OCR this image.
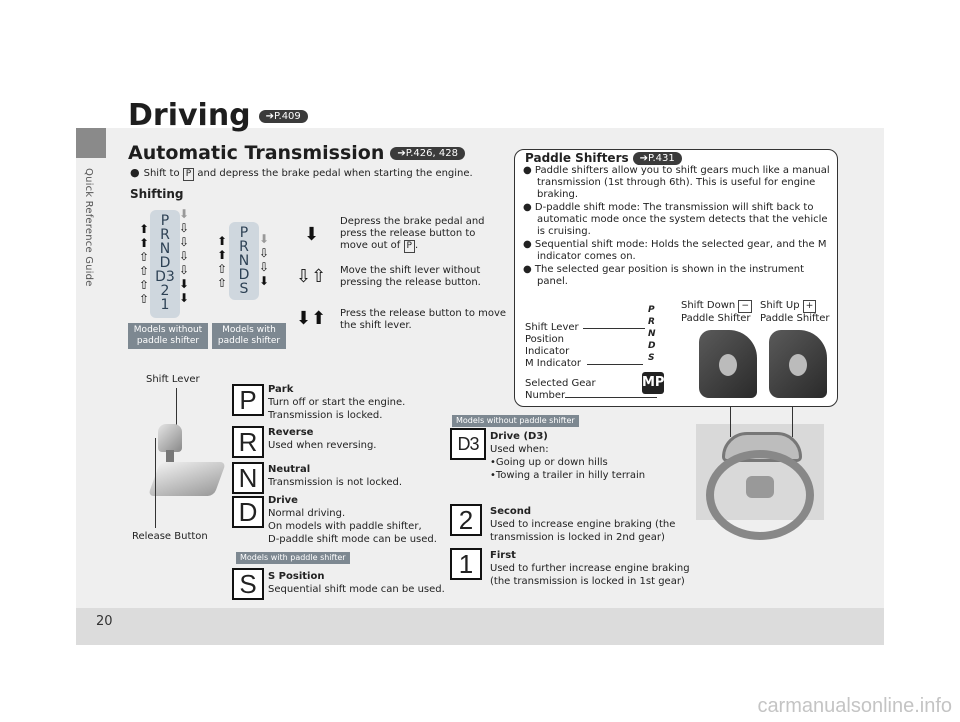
Quick Reference Guide
20
carmanualsonline.info
Driving ➔P.409
Automatic Transmission ➔P.426, 428
● Shift to P and depress the brake pedal when starting the engine.
Shifting
⬆
⬆
⇧
⇧
⇧
⇧
P
R
N
D
D3
2
1
⬇
⇩
⇩
⇩
⇩
⬇
⬇
Models without paddle shifter
⬆
⬆
⇧
⇧
P
R
N
D
S
⬇
⇩
⇩
⬇
Models with paddle shifter
⬇
Depress the brake pedal and press the release button to move out of P .
⇩⇧ Move the shift lever without pressing the release button.
⬇⬆ Press the release button to move the shift lever.
Paddle Shifters ➔P.431
● Paddle shifters allow you to shift gears much like a manual transmission (1st through 6th). This is useful for engine braking.
● D-paddle shift mode: The transmission will shift back to automatic mode once the system detects that the vehicle is cruising.
● Sequential shift mode: Holds the selected gear, and the M indicator comes on.
● The selected gear position is shown in the instrument panel.
Shift Lever Position Indicator
P
R
N
D
S
M Indicator
MP
Selected Gear Number
Shift Down −
Paddle Shifter
Shift Up +
Paddle Shifter
Shift Lever
Release Button
P	Park
Turn off or start the engine.
Transmission is locked.
R	Reverse
Used when reversing.
N	Neutral
Transmission is not locked.
D	Drive
Normal driving.
On models with paddle shifter,
D-paddle shift mode can be used.
Models with paddle shifter
S	S Position
Sequential shift mode can be used.
Models without paddle shifter
D3	Drive (D3)
Used when:
•Going up or down hills
•Towing a trailer in hilly terrain
2	Second
Used to increase engine braking (the
transmission is locked in 2nd gear)
1	First
Used to further increase engine braking
(the transmission is locked in 1st gear)
